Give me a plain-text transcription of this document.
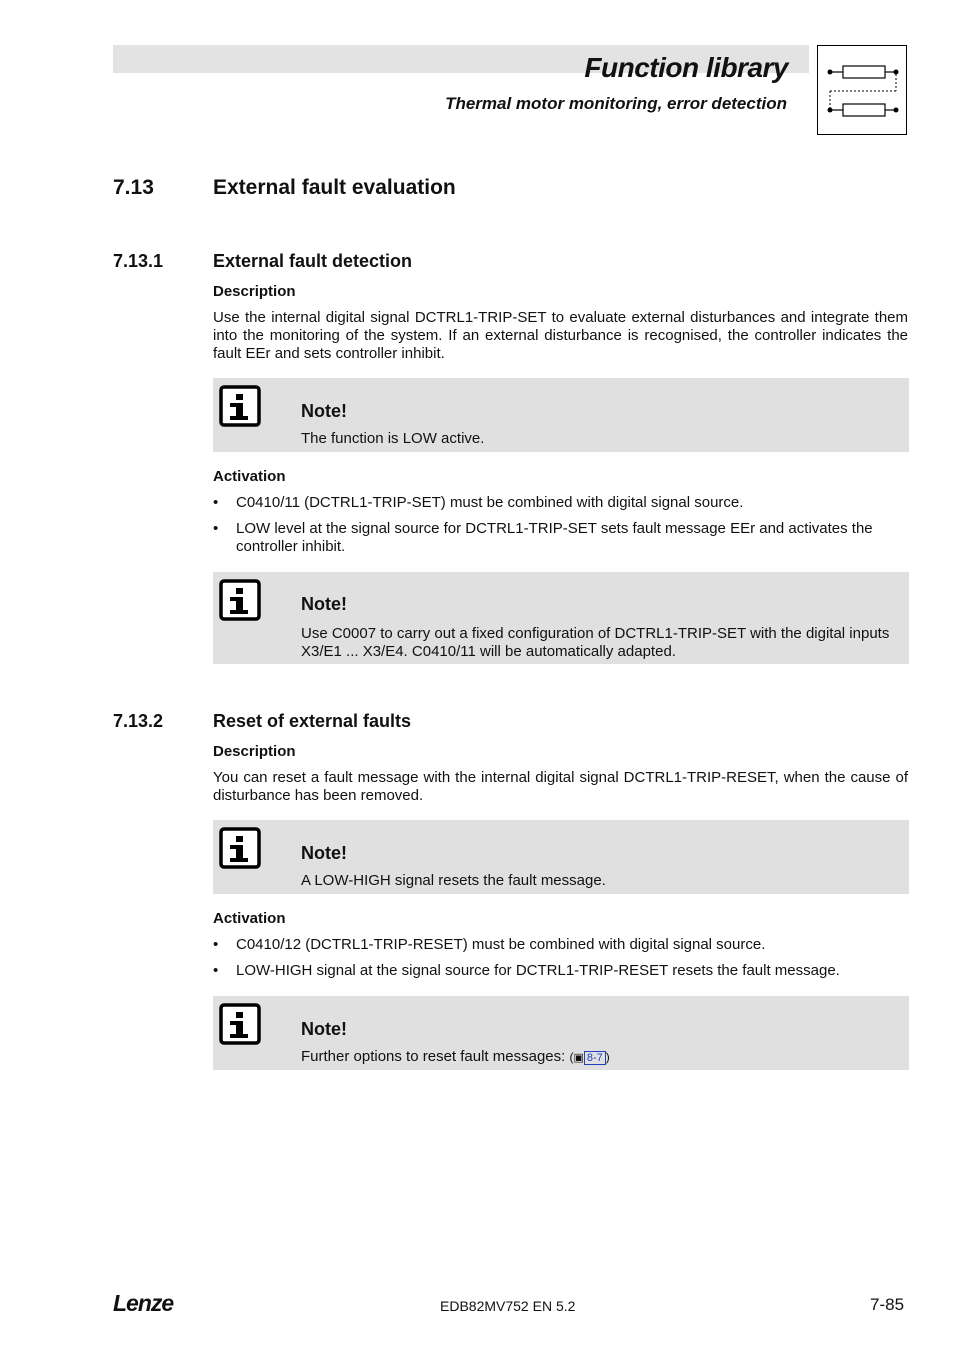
Function library
Thermal motor monitoring, error detection
7.13	External fault evaluation
7.13.1	External fault detection
Description
Use the internal digital signal DCTRL1-TRIP-SET to evaluate external disturbances and integrate them into the monitoring of the system. If an external disturbance is recognised, the controller indicates the fault EEr and sets controller inhibit.
Note!
The function is LOW active.
Activation
• C0410/11 (DCTRL1-TRIP-SET) must be combined with digital signal source.
• LOW level at the signal source for DCTRL1-TRIP-SET sets fault message EEr and activates the controller inhibit.
Note!
Use C0007 to carry out a fixed configuration of DCTRL1-TRIP-SET with the digital inputs X3/E1 ... X3/E4. C0410/11 will be automatically adapted.
7.13.2	Reset of external faults
Description
You can reset a fault message with the internal digital signal DCTRL1-TRIP-RESET, when the cause of disturbance has been removed.
Note!
A LOW-HIGH signal resets the fault message.
Activation
• C0410/12 (DCTRL1-TRIP-RESET) must be combined with digital signal source.
• LOW-HIGH signal at the signal source for DCTRL1-TRIP-RESET resets the fault message.
Note!
Further options to reset fault messages: (▣ 8-7 )
Lenze	EDB82MV752 EN 5.2	7-85
